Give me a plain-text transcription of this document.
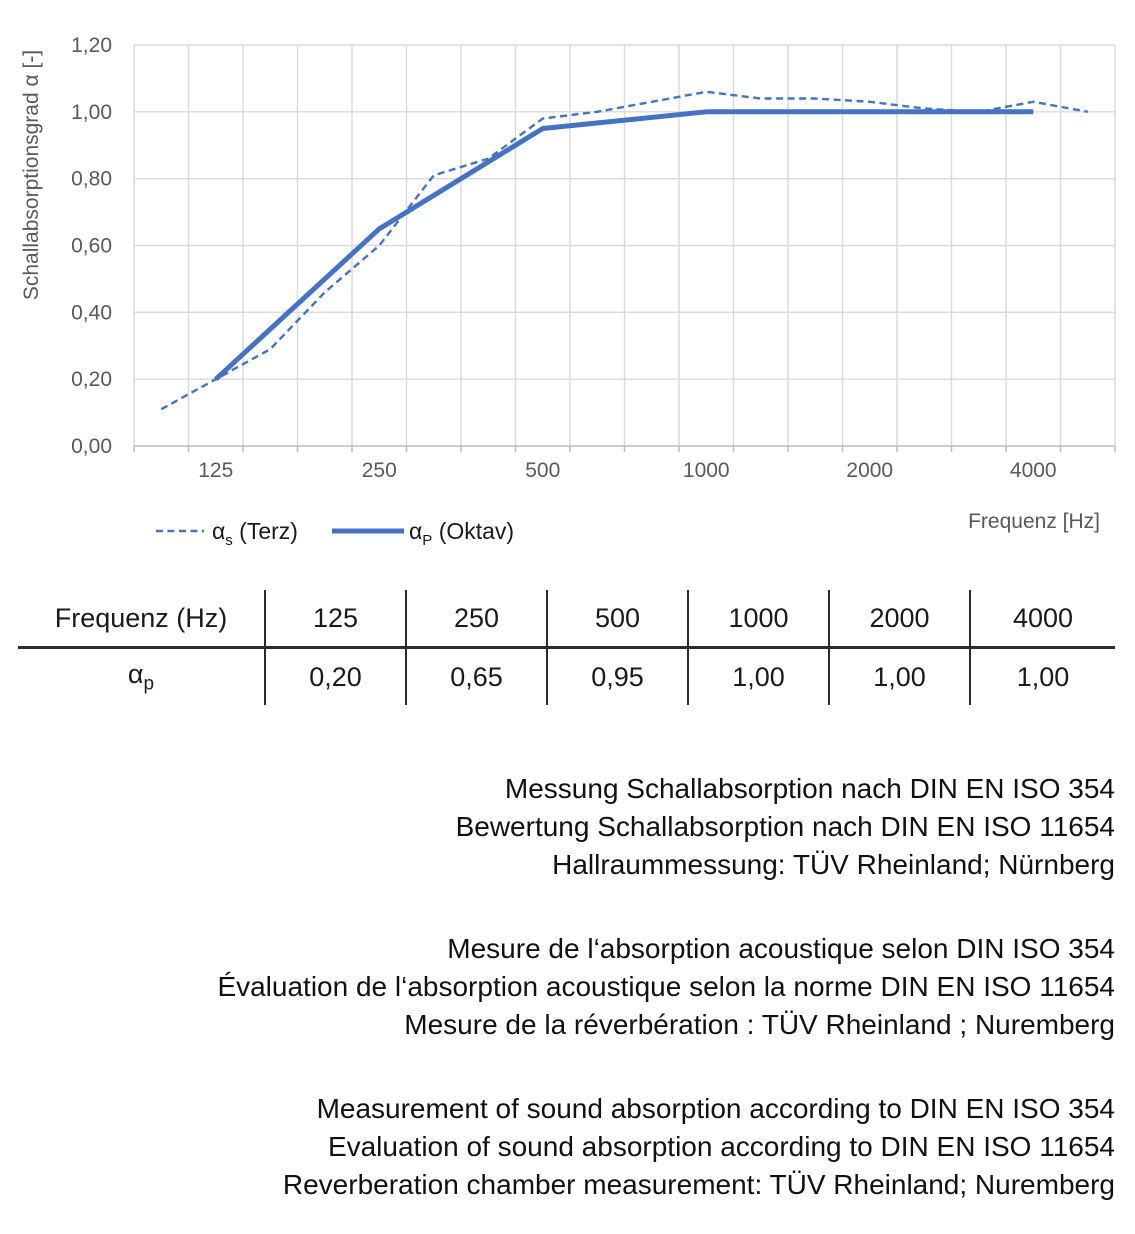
0,00
0,20
0,40
0,60
0,80
1,00
1,20
125	250	500	1000	2000	4000
Schallabsorptionsgrad α [-]
Frequenz [Hz]
$\alpha_s$ (Terz)	$\alpha_P$ (Oktav)
Frequenz (Hz)	125	250	500	1000	2000	4000
$\alpha_p$	0,20	0,65	0,95	1,00	1,00	1,00
Messung Schallabsorption nach DIN EN ISO 354
Bewertung Schallabsorption nach DIN EN ISO 11654
Hallraummessung: TÜV Rheinland; Nürnberg
Mesure de l‘absorption acoustique selon DIN ISO 354
Évaluation de l‘absorption acoustique selon la norme DIN EN ISO 11654
Mesure de la réverbération : TÜV Rheinland ; Nuremberg
Measurement of sound absorption according to DIN EN ISO 354
Evaluation of sound absorption according to DIN EN ISO 11654
Reverberation chamber measurement: TÜV Rheinland; Nuremberg
